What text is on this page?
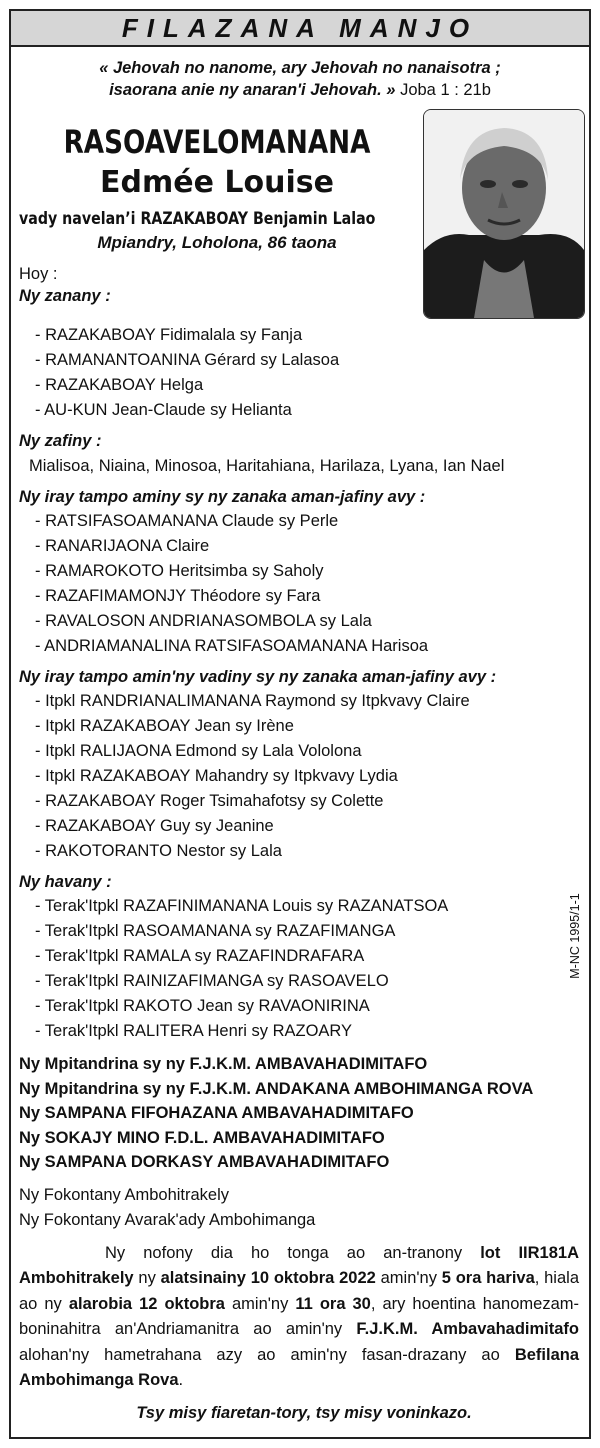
FILAZANA MANJO
« Jehovah no nanome, ary Jehovah no nanaisotra ;
isaorana anie ny anaran'i Jehovah. » Joba 1 : 21b
RASOAVELOMANANA
Edmée Louise
vady navelan’i RAZAKABOAY Benjamin Lalao
Mpiandry, Loholona, 86 taona
Hoy :
Ny zanany :
- RAZAKABOAY Fidimalala sy Fanja
- RAMANANTOANINA Gérard sy Lalasoa
- RAZAKABOAY Helga
- AU-KUN Jean-Claude sy Helianta
Ny zafiny :
Mialisoa, Niaina, Minosoa, Haritahiana, Harilaza, Lyana, Ian Nael
Ny iray tampo aminy sy ny zanaka aman-jafiny avy :
- RATSIFASOAMANANA Claude sy Perle
- RANARIJAONA Claire
- RAMAROKOTO Heritsimba sy Saholy
- RAZAFIMAMONJY Théodore sy Fara
- RAVALOSON ANDRIANASOMBOLA sy Lala
- ANDRIAMANALINA RATSIFASOAMANANA Harisoa
Ny iray tampo amin'ny vadiny sy ny zanaka aman-jafiny avy :
- Itpkl RANDRIANALIMANANA Raymond sy Itpkvavy Claire
- Itpkl RAZAKABOAY Jean sy Irène
- Itpkl RALIJAONA Edmond sy Lala Vololona
- Itpkl RAZAKABOAY Mahandry sy Itpkvavy Lydia
- RAZAKABOAY Roger Tsimahafotsy sy Colette
- RAZAKABOAY Guy sy Jeanine
- RAKOTORANTO Nestor sy Lala
Ny havany :
- Terak'Itpkl RAZAFINIMANANA Louis sy RAZANATSOA
- Terak'Itpkl RASOAMANANA sy RAZAFIMANGA
- Terak'Itpkl RAMALA sy RAZAFINDRAFARA
- Terak'Itpkl RAINIZAFIMANGA sy RASOAVELO
- Terak'Itpkl RAKOTO Jean sy RAVAONIRINA
- Terak'Itpkl RALITERA Henri sy RAZOARY
Ny Mpitandrina sy ny F.J.K.M. AMBAVAHADIMITAFO
Ny Mpitandrina sy ny F.J.K.M. ANDAKANA AMBOHIMANGA ROVA
Ny SAMPANA FIFOHAZANA AMBAVAHADIMITAFO
Ny SOKAJY MINO F.D.L. AMBAVAHADIMITAFO
Ny SAMPANA DORKASY AMBAVAHADIMITAFO
Ny Fokontany Ambohitrakely
Ny Fokontany Avarak'ady Ambohimanga
Ny nofony dia ho tonga ao an-tranony lot IIR181A Ambohitrakely ny alatsinainy 10 oktobra 2022 amin'ny 5 ora hariva, hiala ao ny alarobia 12 oktobra amin'ny 11 ora 30, ary hoentina hanomezam-boninahitra an'Andriamanitra ao amin'ny F.J.K.M. Ambavahadimitafo alohan'ny hametrahana azy ao amin'ny fasan-drazany ao Befilana Ambohimanga Rova.
Tsy misy fiaretan-tory, tsy misy voninkazo.
M-NC 1995/1-1
